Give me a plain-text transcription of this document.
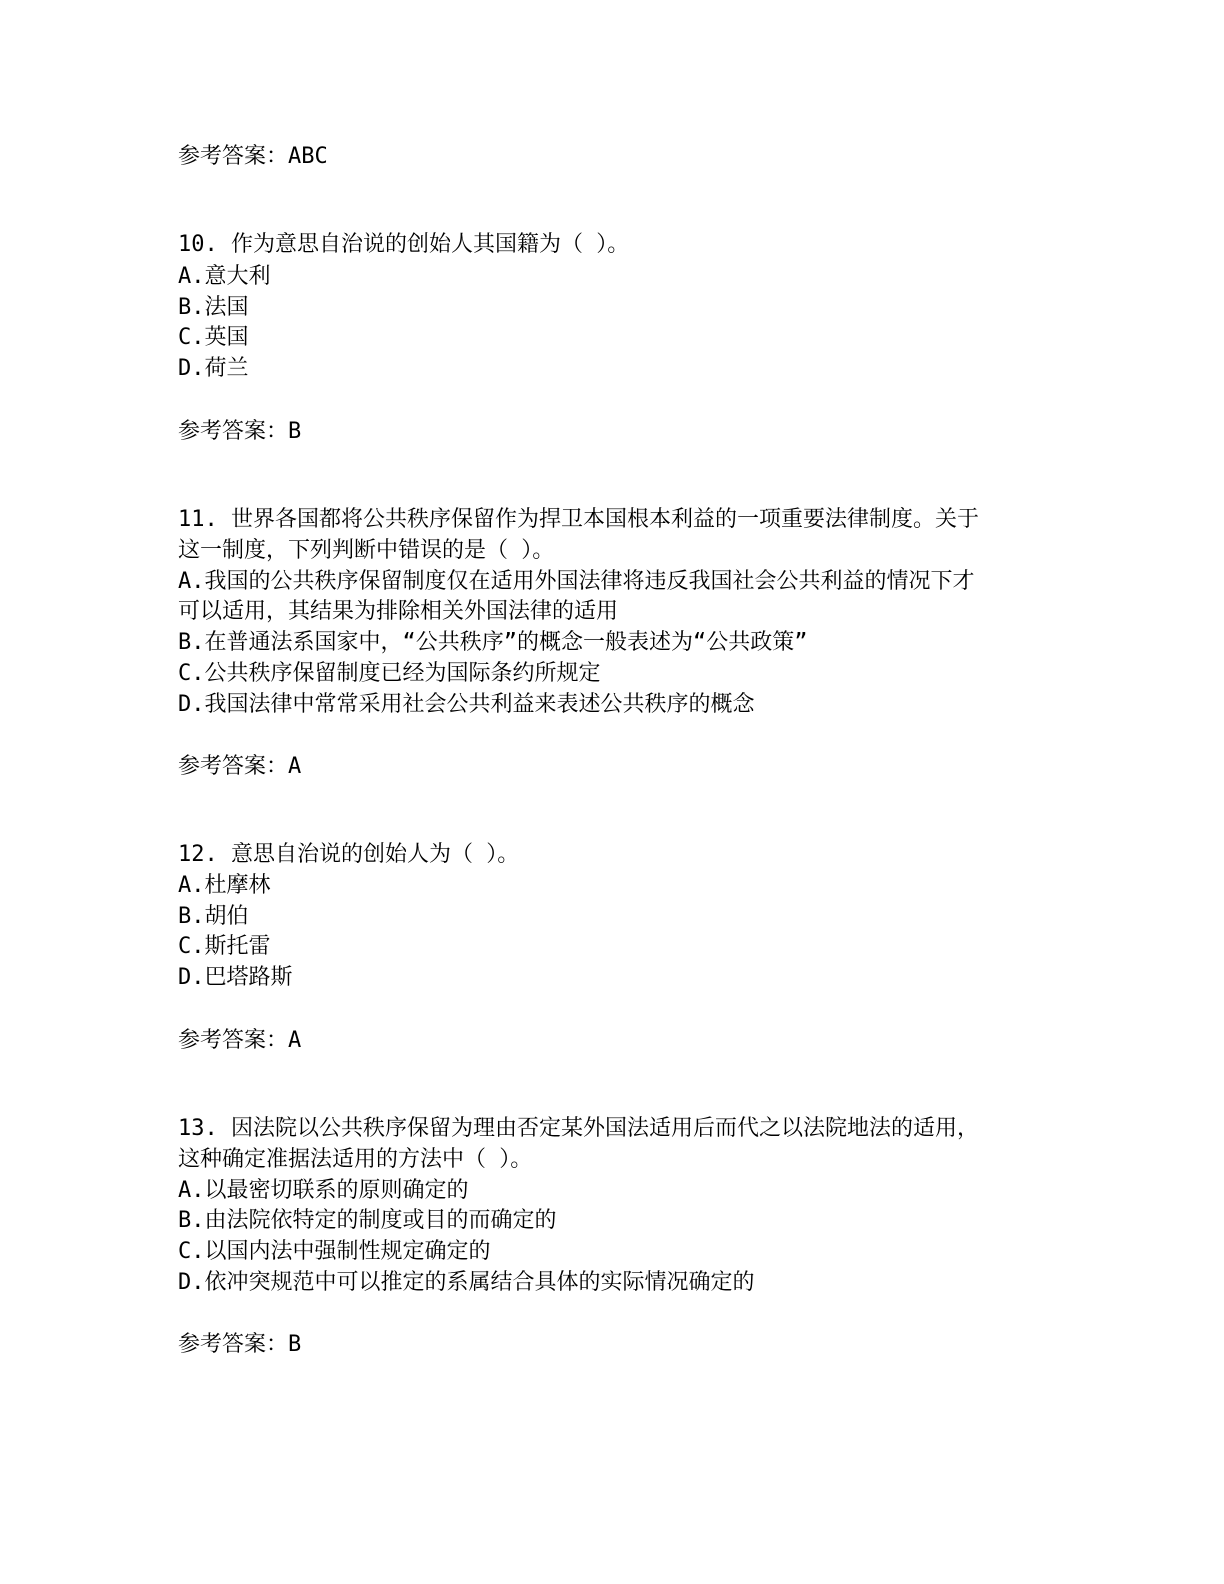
参考答案：ABC
10. 作为意思自治说的创始人其国籍为（ ）。
A.意大利
B.法国
C.英国
D.荷兰
参考答案：B
11. 世界各国都将公共秩序保留作为捍卫本国根本利益的一项重要法律制度。关于
这一制度，下列判断中错误的是（ ）。
A.我国的公共秩序保留制度仅在适用外国法律将违反我国社会公共利益的情况下才
可以适用，其结果为排除相关外国法律的适用
B.在普通法系国家中，“公共秩序”的概念一般表述为“公共政策”
C.公共秩序保留制度已经为国际条约所规定
D.我国法律中常常采用社会公共利益来表述公共秩序的概念
参考答案：A
12. 意思自治说的创始人为（ ）。
A.杜摩林
B.胡伯
C.斯托雷
D.巴塔路斯
参考答案：A
13. 因法院以公共秩序保留为理由否定某外国法适用后而代之以法院地法的适用，
这种确定准据法适用的方法中（ ）。
A.以最密切联系的原则确定的
B.由法院依特定的制度或目的而确定的
C.以国内法中强制性规定确定的
D.依冲突规范中可以推定的系属结合具体的实际情况确定的
参考答案：B
